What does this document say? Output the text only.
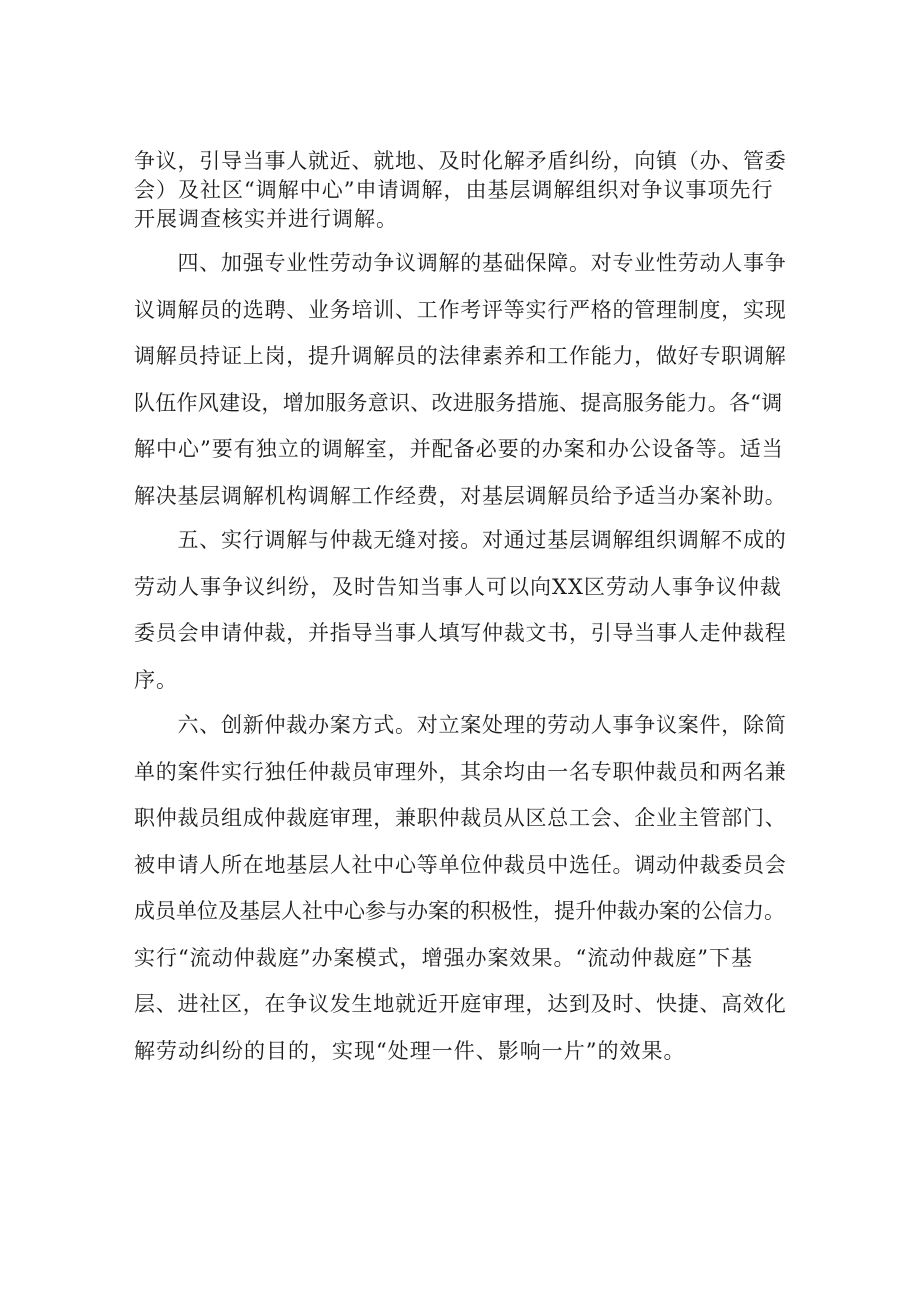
争议，引导当事人就近、就地、及时化解矛盾纠纷，向镇（办、管委
会）及社区“调解中心”申请调解，由基层调解组织对争议事项先行
开展调查核实并进行调解。
　　四、加强专业性劳动争议调解的基础保障。对专业性劳动人事争
议调解员的选聘、业务培训、工作考评等实行严格的管理制度，实现
调解员持证上岗，提升调解员的法律素养和工作能力，做好专职调解
队伍作风建设，增加服务意识、改进服务措施、提高服务能力。各“调
解中心”要有独立的调解室，并配备必要的办案和办公设备等。适当
解决基层调解机构调解工作经费，对基层调解员给予适当办案补助。
　　五、实行调解与仲裁无缝对接。对通过基层调解组织调解不成的
劳动人事争议纠纷，及时告知当事人可以向XX区劳动人事争议仲裁
委员会申请仲裁，并指导当事人填写仲裁文书，引导当事人走仲裁程
序。
　　六、创新仲裁办案方式。对立案处理的劳动人事争议案件，除简
单的案件实行独任仲裁员审理外，其余均由一名专职仲裁员和两名兼
职仲裁员组成仲裁庭审理，兼职仲裁员从区总工会、企业主管部门、
被申请人所在地基层人社中心等单位仲裁员中选任。调动仲裁委员会
成员单位及基层人社中心参与办案的积极性，提升仲裁办案的公信力。
实行“流动仲裁庭”办案模式，增强办案效果。“流动仲裁庭”下基
层、进社区，在争议发生地就近开庭审理，达到及时、快捷、高效化
解劳动纠纷的目的，实现“处理一件、影响一片”的效果。
